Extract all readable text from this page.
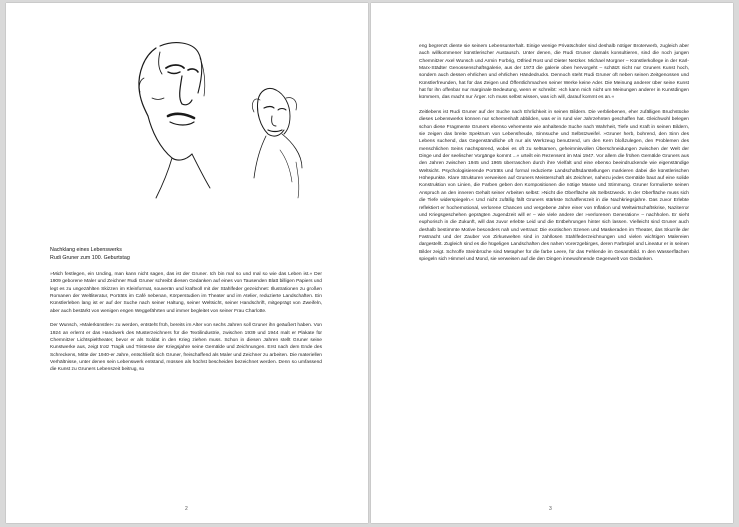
Nachklang eines Lebenswerks
Rudi Gruner zum 100. Geburtstag

»Mich festlegen, ein Unding, man kann nicht sagen, das ist der Gruner. Ich bin mal so und mal so wie das Leben ist.« Der 1909 geborene Maler und Zeichner Rudi Gruner schreibt diesen Gedanken auf eines von Tausenden Blatt billigen Papiers und legt es zu ungezählten Skizzen im Kleinformat, souverän und kraftvoll mit der Stahlfeder gezeichnet: Illustrationen zu großen Romanen der Weltliteratur, Porträts im Café nebenan, Körperstudien im Theater und im Atelier, reduzierte Landschaften. Ein Künstlerleben lang ist er auf der Suche nach seiner Haltung, seiner Weltsicht, seiner Handschrift, mitgeprägt von Zweifeln, aber auch bestärkt von wenigen engen Weggefährten und immer begleitet von seiner Frau Charlotte.

Der Wunsch, »Malerkünstler« zu werden, entsteht früh, bereits im Alter von sechs Jahren soll Gruner ihn geäußert haben. Von 1924 an erlernt er das Handwerk des Musterzeichners für die Textilindustrie, zwischen 1939 und 1944 malt er Plakate für Chemnitzer Lichtspieltheater, bevor er als Soldat in den Krieg ziehen muss. Schon in diesen Jahren stellt Gruner seine Kunstwerke aus, zeigt trotz Tragik und Tristesse der Kriegsjahre seine Gemälde und Zeichnungen. Erst nach dem Ende des Schreckens, Mitte der 1940-er Jahre, entschließt sich Gruner, freischaffend als Maler und Zeichner zu arbeiten. Die materiellen Verhältnisse, unter denen sein Lebenswerk entstand, müssen als höchst bescheiden bezeichnet werden. Denn so umfassend die Kunst zu Gruners Lebenszeit beitrug, so

2

eng begrenzt diente sie seinem Lebensunterhalt. Einige wenige Privatschüler sind deshalb nötiger Broterwerb, zugleich aber auch willkommener künstlerischer Austausch. Unter denen, die Rudi Gruner damals konsultieren, sind die noch jungen Chemnitzer Axel Wunsch und Armin Forbrig, Otfried Rost und Dieter Netzker. Michael Morgner – Künstlerkollege in der Karl-Marx-Städter Genossenschaftsgalerie, aus der 1973 die galerie oben hervorgeht – schätzt nicht nur Gruners Kunst hoch, sondern auch dessen ehrlichen und ehrlichen Händedrucks. Dennoch steht Rudi Gruner oft neben seinen Zeitgenossen und Künstlerfreunden, hat für das Zeigen und Öffentlichmachen seiner Werke keine Ader. Die Meinung anderer über seine Kunst hat für ihn offenbar nur marginale Bedeutung, wenn er schreibt: »Ich kann mich nicht um Meinungen anderer in Kunstdingen kümmern, das macht nur Ärger. Ich muss selbst wissen, was ich will, darauf kommt es an.«

Zeitlebens ist Rudi Gruner auf der Suche nach Ehrlichkeit in seinen Bildern. Die verbliebenen, eher zufälligen Bruchstücke dieses Lebenswerks können nur schemenhaft abbilden, was er in rund vier Jahrzehnten geschaffen hat. Gleichwohl belegen schon diese Fragmente Gruners ebenso vehemente wie anhaltende Suche nach Wahrheit, Tiefe und Kraft in seinen Bildern, sie zeigen das breite Spektrum von Lebensfreude, Sinnsuche und Selbstzweifel. »Gruner herb, bohrend, den Sinn des Lebens suchend, das Gegenständliche oft nur als Werkzeug benutzend, um den Kern bloßzulegen, den Problemen des menschlichen Seins nachspürend, wobei es oft zu seltsamen, geheimnisvollen Überschneidungen zwischen der Welt der Dinge und der seelischer Vorgänge kommt ...« urteilt ein Rezensent im Mai 1947. Vor allem die frühen Gemälde Gruners aus den Jahren zwischen 1945 und 1965 überraschen durch ihre Vielfalt und eine ebenso beeindruckende wie eigenständige Weltsicht. Psychologisierende Porträts und formal reduzierte Landschaftsdarstellungen markieren dabei die künstlerischen Höhepunkte. Klare Strukturen verweisen auf Gruners Meisterschaft als Zeichner, nahezu jedes Gemälde baut auf eine solide Konstruktion von Linien, die Farben geben den Kompositionen die nötige Masse und Stimmung. Gruner formulierte seinen Anspruch an den inneren Gehalt seiner Arbeiten selbst: »Nicht die Oberfläche als Selbstzweck. In der Oberfläche muss sich die Tiefe widerspiegeln.« Und nicht zufällig fällt Gruners stärkste Schaffenszeit in die Nachkriegsjahre. Das zuvor Erlebte reflektiert er hochemotional, verlorene Chancen und vergebene Jahre einer von Inflation und Weltwirtschaftskrise, Naziterror und Kriegsgeschehen geprägten Jugendzeit will er – wie viele andere der »verlorenen Generation« – nachholen. Er sieht euphorisch in die Zukunft, will das zuvor erlebte Leid und die Entbehrungen hinter sich lassen. Vielleicht sind Gruner auch deshalb bestimmte Motive besonders nah und vertraut: Die exotischen Szenen und Maskeraden im Theater, das Skurrile der Fastnacht und der Zauber von Zirkuswelten sind in zahllosen Stahlfederzeichnungen und vielen wichtigen Malereien dargestellt. Zugleich sind es die hügeligen Landschaften des nahen Vorerzgebirges, deren Farbspiel und Lineatur er in seinen Bilder zeigt. Schroffe Steinbrüche sind Metapher für die farbe Leere, für das Fehlende im Gesamtbild. In den Wasserflächen spiegeln sich Himmel und Mond, sie verweisen auf die den Dingen innewohnende Gegenwelt von Gedanken.

3
